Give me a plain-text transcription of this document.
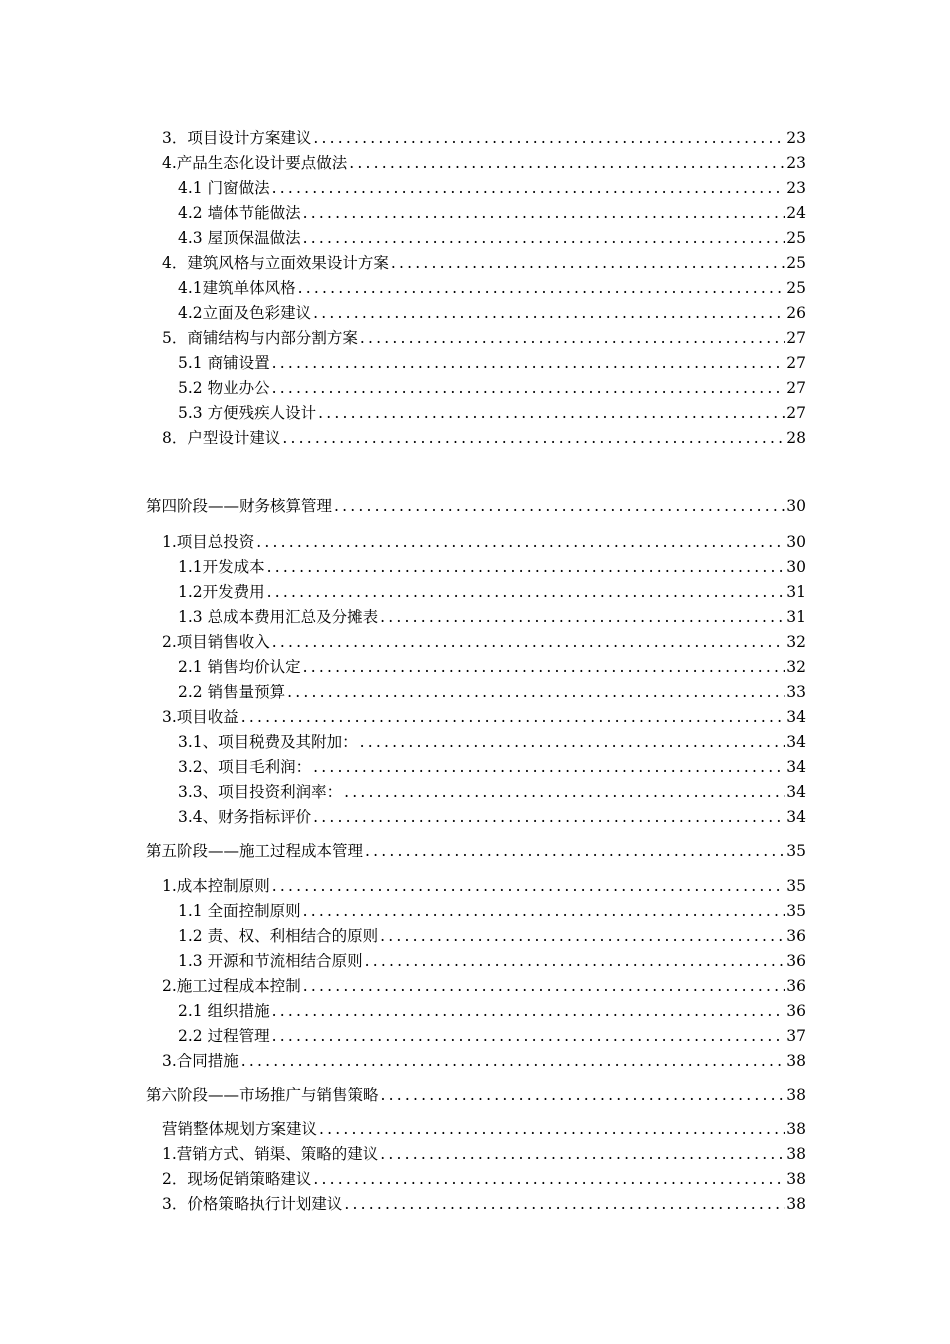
3．项目设计方案建议 .....	23
4.产品生态化设计要点做法 .....	23
4.1 门窗做法 .....	23
4.2 墙体节能做法 .....	24
4.3 屋顶保温做法 .....	25
4．建筑风格与立面效果设计方案 .....	25
4.1建筑单体风格 .....	25
4.2立面及色彩建议 .....	26
5．商铺结构与内部分割方案 .....	27
5.1 商铺设置 .....	27
5.2 物业办公 .....	27
5.3 方便残疾人设计 .....	27
8．户型设计建议 .....	28
第四阶段——财务核算管理 .....	30
1.项目总投资 .....	30
1.1开发成本 .....	30
1.2开发费用 .....	31
1.3 总成本费用汇总及分摊表 .....	31
2.项目销售收入 .....	32
2.1 销售均价认定 .....	32
2.2 销售量预算 .....	33
3.项目收益 .....	34
3.1、项目税费及其附加： .....	34
3.2、项目毛利润： .....	34
3.3、项目投资利润率： .....	34
3.4、财务指标评价 .....	34
第五阶段——施工过程成本管理 .....	35
1.成本控制原则 .....	35
1.1 全面控制原则 .....	35
1.2 责、权、利相结合的原则 .....	36
1.3 开源和节流相结合原则 .....	36
2.施工过程成本控制 .....	36
2.1 组织措施 .....	36
2.2 过程管理 .....	37
3.合同措施 .....	38
第六阶段——市场推广与销售策略 .....	38
营销整体规划方案建议 .....	38
1.营销方式、销渠、策略的建议 .....	38
2．现场促销策略建议 .....	38
3．价格策略执行计划建议 .....	38
